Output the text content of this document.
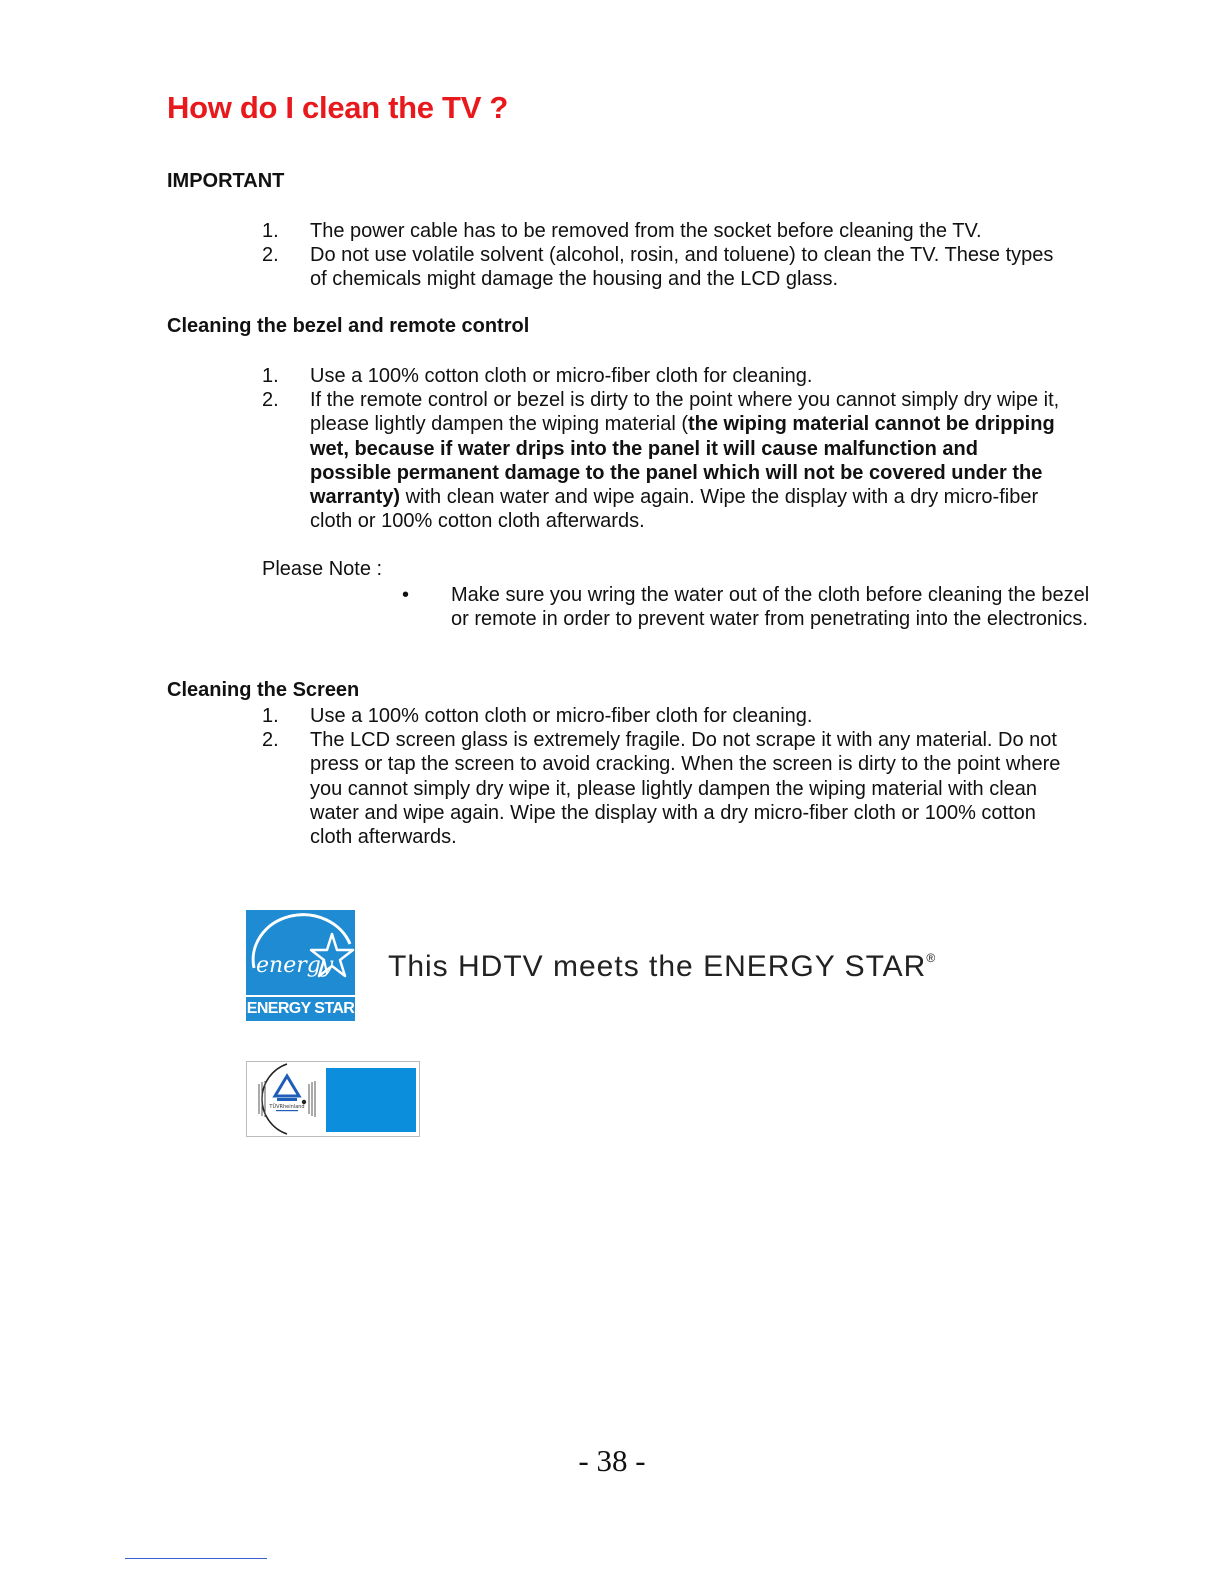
How do I clean the TV ?
IMPORTANT
1. The power cable has to be removed from the socket before cleaning the TV.
2. Do not use volatile solvent (alcohol, rosin, and toluene) to clean the TV. These types of chemicals might damage the housing and the LCD glass.
Cleaning the bezel and remote control
1. Use a 100% cotton cloth or micro-fiber cloth for cleaning.
2. If the remote control or bezel is dirty to the point where you cannot simply dry wipe it, please lightly dampen the wiping material (the wiping material cannot be dripping wet, because if water drips into the panel it will cause malfunction and possible permanent damage to the panel which will not be covered under the warranty) with clean water and wipe again. Wipe the display with a dry micro-fiber cloth or 100% cotton cloth afterwards.
Please Note :
• Make sure you wring the water out of the cloth before cleaning the bezel or remote in order to prevent water from penetrating into the electronics.
Cleaning the Screen
1. Use a 100% cotton cloth or micro-fiber cloth for cleaning.
2. The LCD screen glass is extremely fragile. Do not scrape it with any material. Do not press or tap the screen to avoid cracking. When the screen is dirty to the point where you cannot simply dry wipe it, please lightly dampen the wiping material with clean water and wipe again. Wipe the display with a dry micro-fiber cloth or 100% cotton cloth afterwards.
energy
ENERGY STAR
This HDTV meets the ENERGY STAR®
TÜVRheinland
- 38 -
